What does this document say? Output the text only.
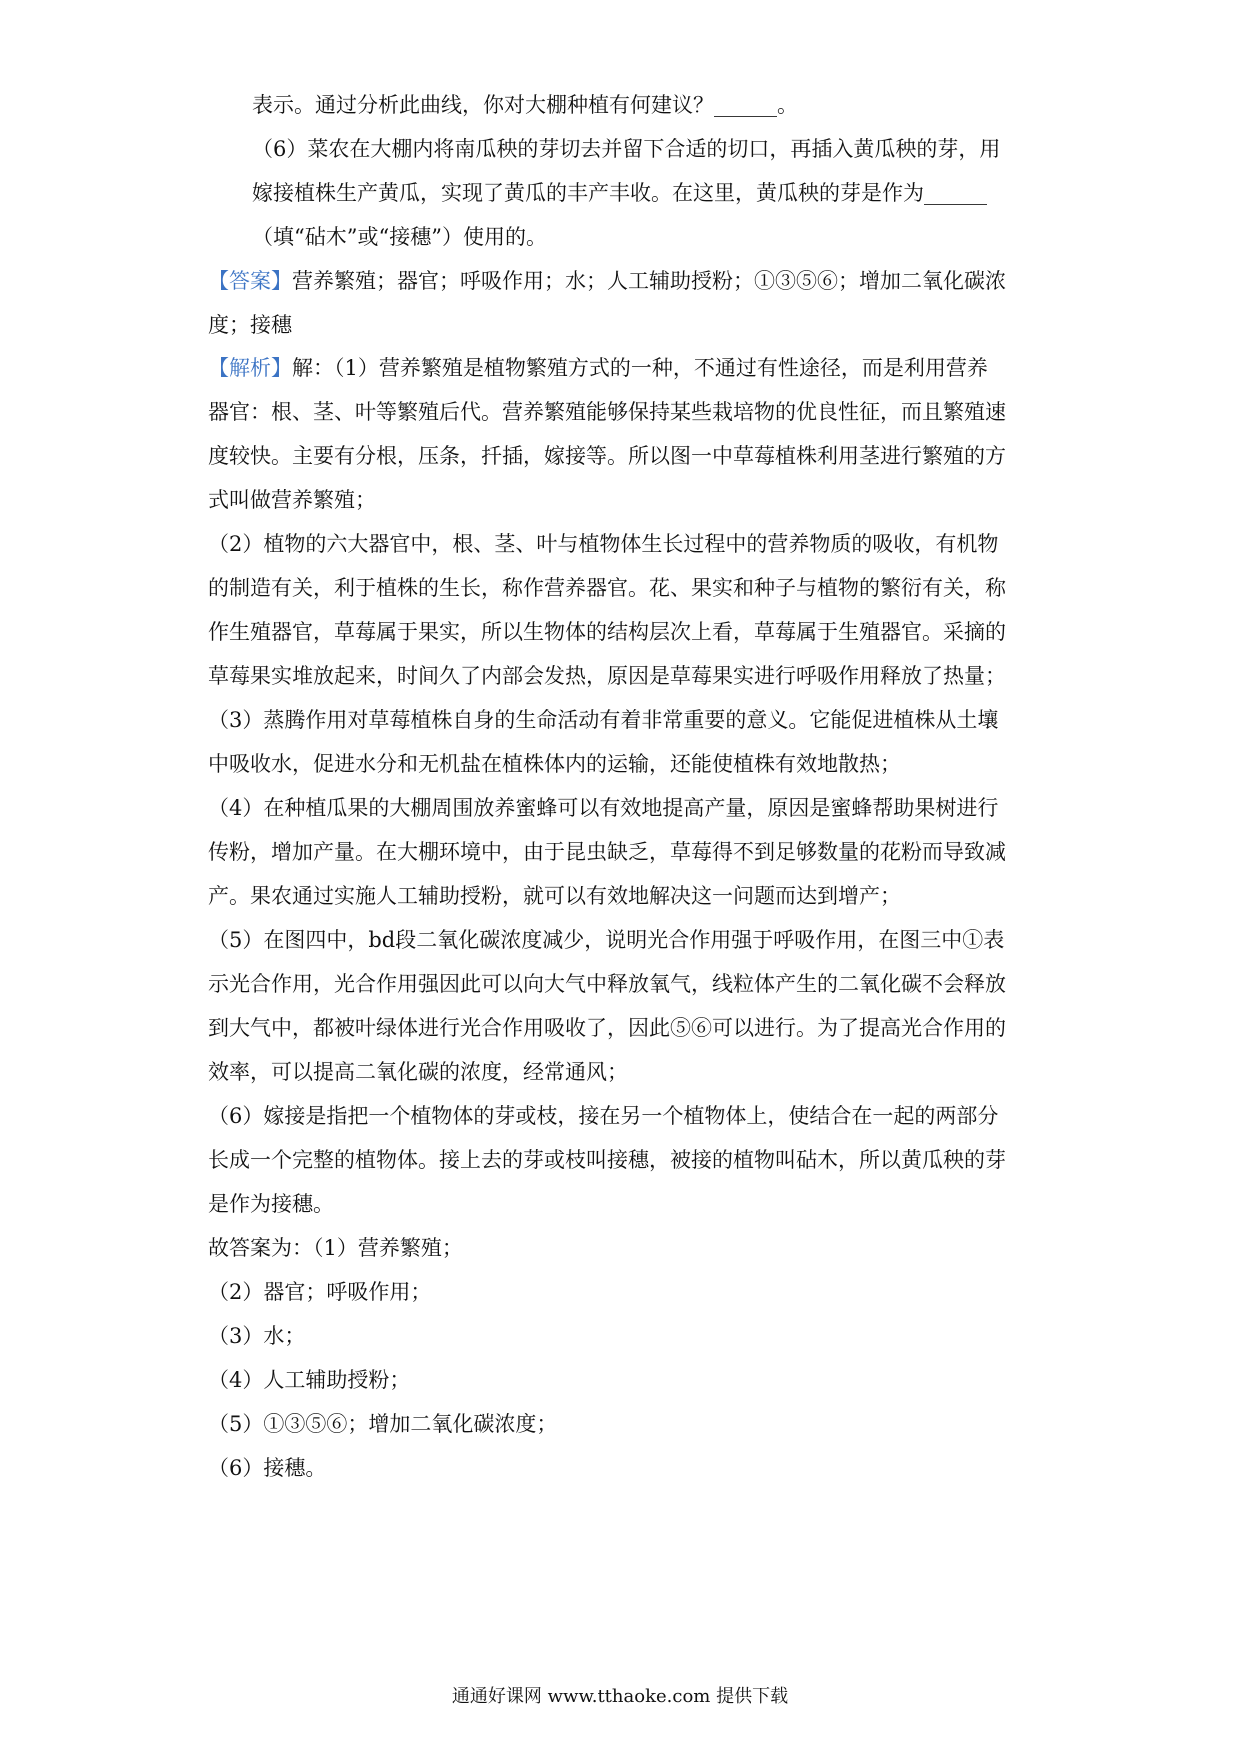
表示。通过分析此曲线，你对大棚种植有何建议？______。
（6）菜农在大棚内将南瓜秧的芽切去并留下合适的切口，再插入黄瓜秧的芽，用
嫁接植株生产黄瓜，实现了黄瓜的丰产丰收。在这里，黄瓜秧的芽是作为______
（填“砧木”或“接穗”）使用的。
【答案】营养繁殖；器官；呼吸作用；水；人工辅助授粉；①③⑤⑥；增加二氧化碳浓
度；接穗
【解析】解：（1）营养繁殖是植物繁殖方式的一种，不通过有性途径，而是利用营养
器官：根、茎、叶等繁殖后代。营养繁殖能够保持某些栽培物的优良性征，而且繁殖速
度较快。主要有分根，压条，扦插，嫁接等。所以图一中草莓植株利用茎进行繁殖的方
式叫做营养繁殖；
（2）植物的六大器官中，根、茎、叶与植物体生长过程中的营养物质的吸收，有机物
的制造有关，利于植株的生长，称作营养器官。花、果实和种子与植物的繁衍有关，称
作生殖器官，草莓属于果实，所以生物体的结构层次上看，草莓属于生殖器官。采摘的
草莓果实堆放起来，时间久了内部会发热，原因是草莓果实进行呼吸作用释放了热量；
（3）蒸腾作用对草莓植株自身的生命活动有着非常重要的意义。它能促进植株从土壤
中吸收水，促进水分和无机盐在植株体内的运输，还能使植株有效地散热；
（4）在种植瓜果的大棚周围放养蜜蜂可以有效地提高产量，原因是蜜蜂帮助果树进行
传粉，增加产量。在大棚环境中，由于昆虫缺乏，草莓得不到足够数量的花粉而导致减
产。果农通过实施人工辅助授粉，就可以有效地解决这一问题而达到增产；
（5）在图四中，bd段二氧化碳浓度减少，说明光合作用强于呼吸作用，在图三中①表
示光合作用，光合作用强因此可以向大气中释放氧气，线粒体产生的二氧化碳不会释放
到大气中，都被叶绿体进行光合作用吸收了，因此⑤⑥可以进行。为了提高光合作用的
效率，可以提高二氧化碳的浓度，经常通风；
（6）嫁接是指把一个植物体的芽或枝，接在另一个植物体上，使结合在一起的两部分
长成一个完整的植物体。接上去的芽或枝叫接穗，被接的植物叫砧木，所以黄瓜秧的芽
是作为接穗。
故答案为：（1）营养繁殖；
（2）器官；呼吸作用；
（3）水；
（4）人工辅助授粉；
（5）①③⑤⑥；增加二氧化碳浓度；
（6）接穗。
通通好课网 www.tthaoke.com 提供下载
